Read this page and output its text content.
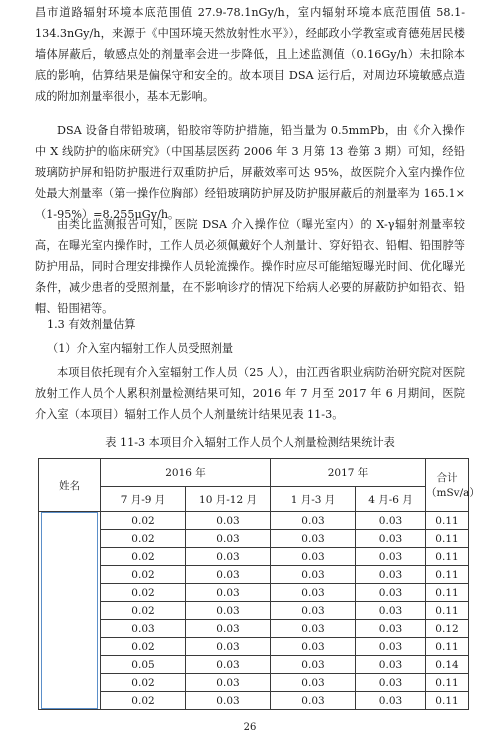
昌市道路辐射环境本底范围值 27.9-78.1nGy/h，室内辐射环境本底范围值 58.1-134.3nGy/h，来源于《中国环境天然放射性水平》），经邮政小学教室或育德苑居民楼墙体屏蔽后，敏感点处的剂量率会进一步降低，且上述监测值（0.16Gy/h）未扣除本底的影响，估算结果是偏保守和安全的。故本项目 DSA 运行后，对周边环境敏感点造成的附加剂量率很小，基本无影响。

DSA 设备自带铅玻璃，铅胶帘等防护措施，铅当量为 0.5mmPb，由《介入操作中 X 线防护的临床研究》（中国基层医药 2006 年 3 月第 13 卷第 3 期）可知，经铅玻璃防护屏和铅防护服进行双重防护后，屏蔽效率可达 95%，故医院介入室内操作位处最大剂量率（第一操作位胸部）经铅玻璃防护屏及防护服屏蔽后的剂量率为 165.1×（1-95%）=8.255μGy/h。

由类比监测报告可知，医院 DSA 介入操作位（曝光室内）的 X-γ辐射剂量率较高，在曝光室内操作时，工作人员必须佩戴好个人剂量计、穿好铅衣、铅帽、铅围脖等防护用品，同时合理安排操作人员轮流操作。操作时应尽可能缩短曝光时间、优化曝光条件，减少患者的受照剂量，在不影响诊疗的情况下给病人必要的屏蔽防护如铅衣、铅帽、铅围裙等。

1.3 有效剂量估算
（1）介入室内辐射工作人员受照剂量

本项目依托现有介入室辐射工作人员（25 人），由江西省职业病防治研究院对医院放射工作人员个人累积剂量检测结果可知，2016 年 7 月至 2017 年 6 月期间，医院介入室（本项目）辐射工作人员个人剂量统计结果见表 11-3。

表 11-3 本项目介入辐射工作人员个人剂量检测结果统计表
姓名	2016 年		2017 年		合计
（mSv/a）

	7 月-9 月	10 月-12 月	1 月-3 月	4 月-6 月	

	0.02	0.03	0.03	0.03	0.11
	0.02	0.03	0.03	0.03	0.11
	0.02	0.03	0.03	0.03	0.11
	0.02	0.03	0.03	0.03	0.11
	0.02	0.03	0.03	0.03	0.11
	0.02	0.03	0.03	0.03	0.11
	0.03	0.03	0.03	0.03	0.12
	0.02	0.03	0.03	0.03	0.11
	0.05	0.03	0.03	0.03	0.14
	0.02	0.03	0.03	0.03	0.11
	0.02	0.03	0.03	0.03	0.11
26
